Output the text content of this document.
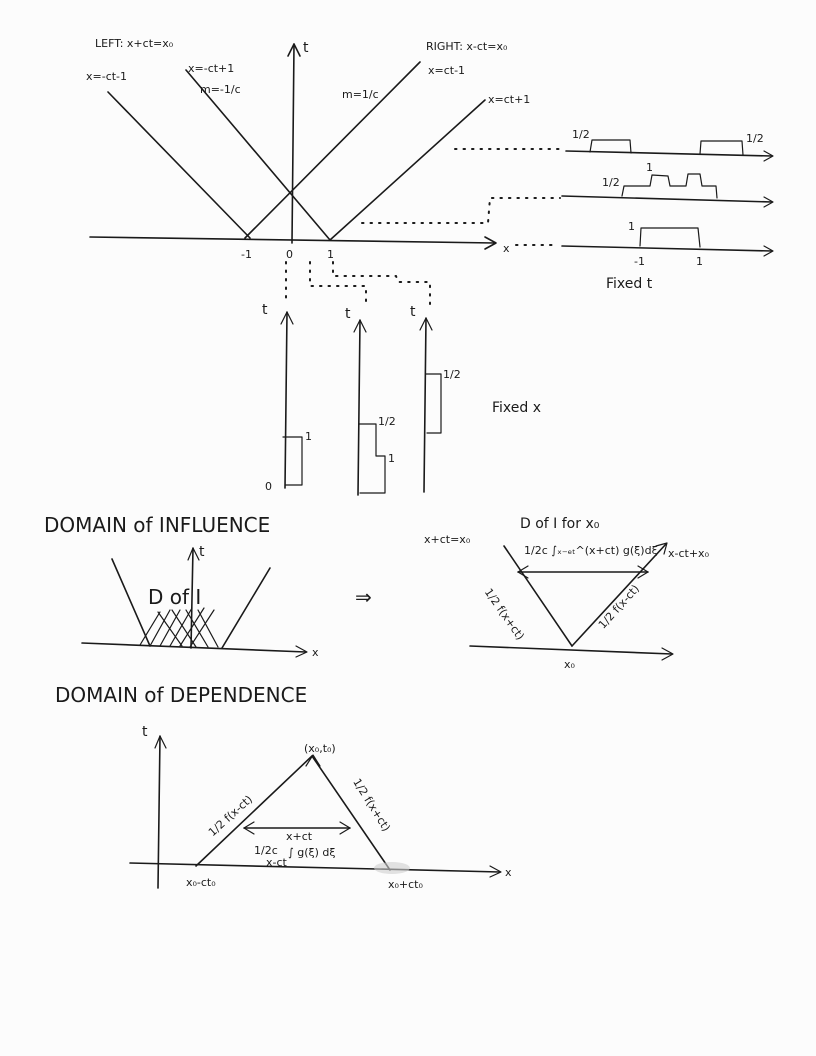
x
t
LEFT: x+ct=x₀	RIGHT: x-ct=x₀
x=-ct-1
x=-ct+1
m=-1/c	m=1/c
x=ct-1
x=ct+1
-1	0	1
1/2	1/2
1/2
1
1
-1	1
Fixed t
t
1
0
t
1/2
1
t
1/2
Fixed x
DOMAIN of INFLUENCE
x
t
D of I	⇒
D of I for x₀
x+ct=x₀
x-ct+x₀
1/2c ∫ₓ₋ₑₜ^(x+ct) g(ξ)dξ
1/2 f(x+ct)	1/2 f(x-ct)
x₀
DOMAIN of DEPENDENCE
x
t
(x₀,t₀)
1/2 f(x-ct)	1/2 f(x+ct)
x+ct
1/2c ∫ g(ξ) dξ
x-ct
x₀-ct₀	x₀+ct₀
